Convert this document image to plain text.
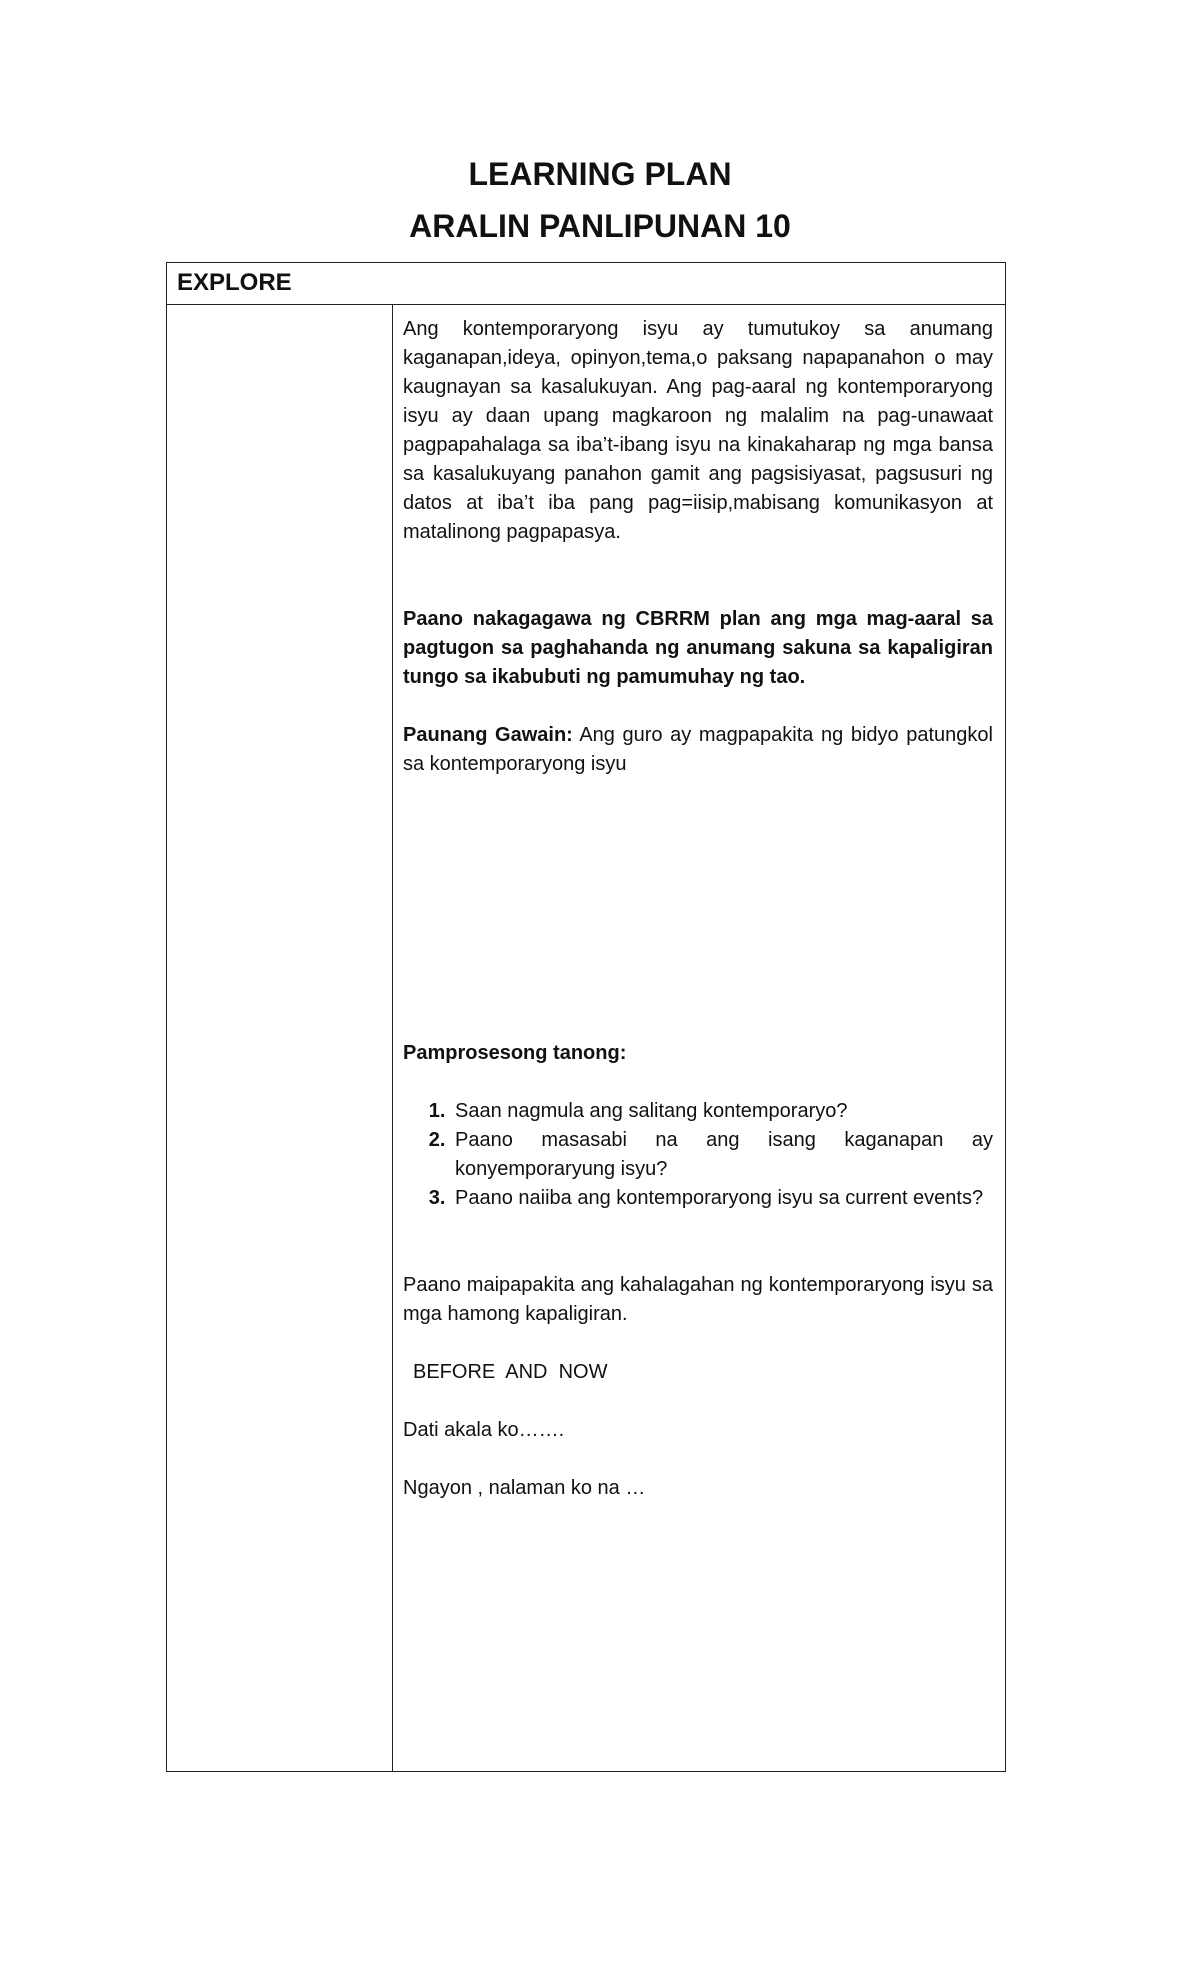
LEARNING PLAN
ARALIN PANLIPUNAN 10
EXPLORE

Ang kontemporaryong isyu ay tumutukoy sa anumang kaganapan,ideya, opinyon,tema,o paksang napapanahon o may kaugnayan sa kasalukuyan. Ang pag-aaral ng kontemporaryong isyu ay daan upang magkaroon ng malalim na pag-unawaat pagpapahalaga sa iba’t-ibang isyu na kinakaharap ng mga bansa sa kasalukuyang panahon gamit ang pagsisiyasat, pagsusuri ng datos at iba’t iba pang pag=iisip,mabisang komunikasyon at matalinong pagpapasya.

Paano nakagagawa ng CBRRM plan ang mga mag-aaral sa pagtugon sa paghahanda ng anumang sakuna sa kapaligiran tungo sa ikabubuti ng pamumuhay ng tao.

Paunang Gawain: Ang guro ay magpapakita ng bidyo patungkol sa kontemporaryong isyu

Pamprosesong tanong:

1. Saan nagmula ang salitang kontemporaryo?
2. Paano masasabi na ang isang kaganapan ay konyemporaryung isyu?
3. Paano naiiba ang kontemporaryong isyu sa current events?

Paano maipapakita ang kahalagahan ng kontemporaryong isyu sa mga hamong kapaligiran.

BEFORE  AND  NOW

Dati akala ko…….

Ngayon , nalaman ko na …
